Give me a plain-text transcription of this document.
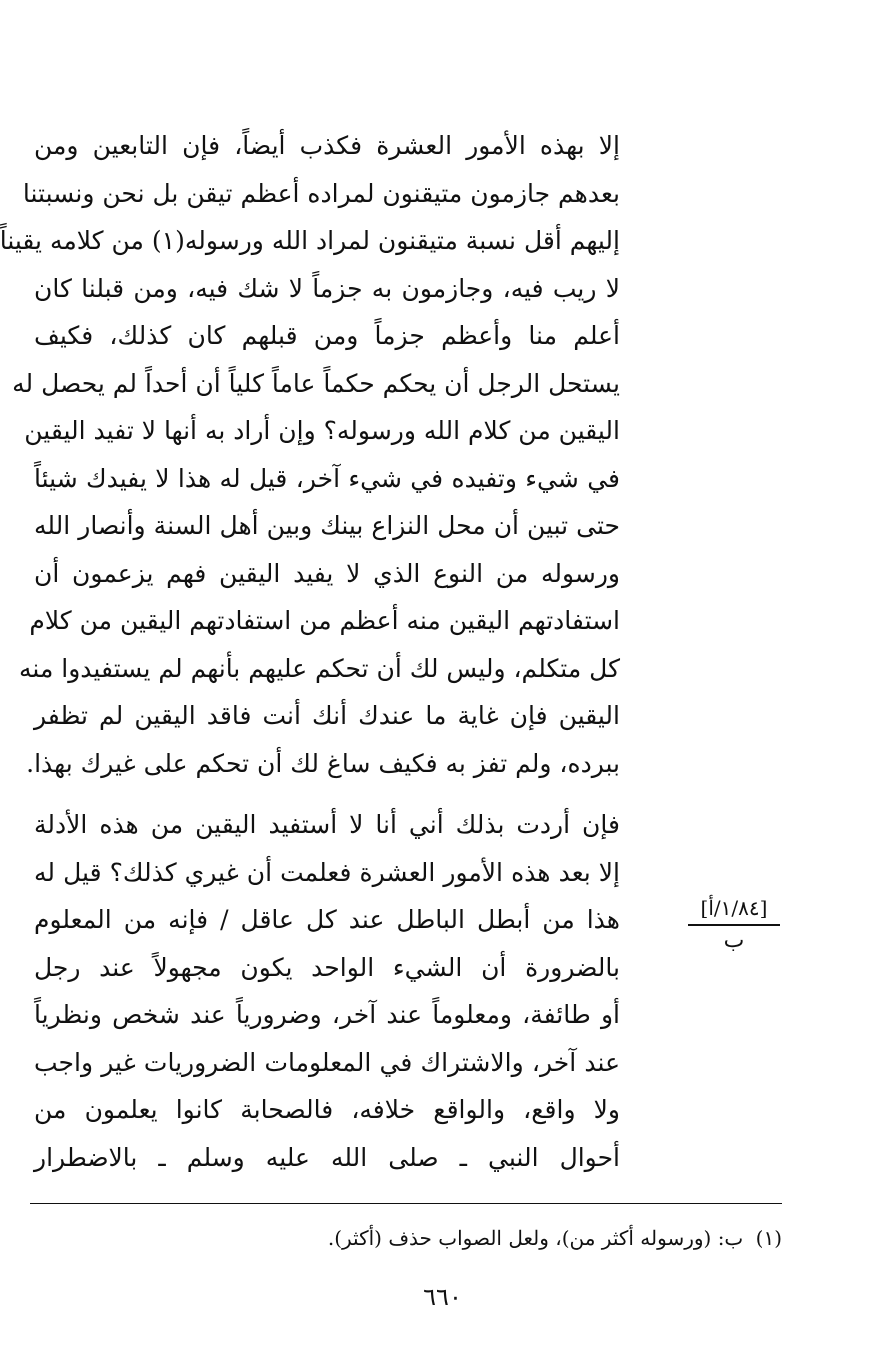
إلا بهذه الأمور العشرة فكذب أيضاً، فإن التابعين ومن
بعدهم جازمون متيقنون لمراده أعظم تيقن بل نحن ونسبتنا
إليهم أقل نسبة متيقنون لمراد الله ورسوله(١) من كلامه يقيناً
لا ريب فيه، وجازمون به جزماً لا شك فيه، ومن قبلنا كان
أعلم منا وأعظم جزماً ومن قبلهم كان كذلك، فكيف
يستحل الرجل أن يحكم حكماً عاماً كلياً أن أحداً لم يحصل له
اليقين من كلام الله ورسوله؟ وإن أراد به أنها لا تفيد اليقين
في شيء وتفيده في شيء آخر، قيل له هذا لا يفيدك شيئاً
حتى تبين أن محل النزاع بينك وبين أهل السنة وأنصار الله
ورسوله من النوع الذي لا يفيد اليقين فهم يزعمون أن
استفادتهم اليقين منه أعظم من استفادتهم اليقين من كلام
كل متكلم، وليس لك أن تحكم عليهم بأنهم لم يستفيدوا منه
اليقين فإن غاية ما عندك أنك أنت فاقد اليقين لم تظفر
ببرده، ولم تفز به فكيف ساغ لك أن تحكم على غيرك بهذا.

فإن أردت بذلك أني أنا لا أستفيد اليقين من هذه الأدلة
إلا بعد هذه الأمور العشرة فعلمت أن غيري كذلك؟ قيل له
هذا من أبطل الباطل عند كل عاقل / فإنه من المعلوم
بالضرورة أن الشيء الواحد يكون مجهولاً عند رجل
أو طائفة، ومعلوماً عند آخر، وضرورياً عند شخص ونظرياً
عند آخر، والاشتراك في المعلومات الضروريات غير واجب
ولا واقع، والواقع خلافه، فالصحابة كانوا يعلمون من
أحوال النبي ـ صلى الله عليه وسلم ـ بالاضطرار

[١/٨٤/أ]
ب
(١) ب: (ورسوله أكثر من)، ولعل الصواب حذف (أكثر).
٦٦٠
